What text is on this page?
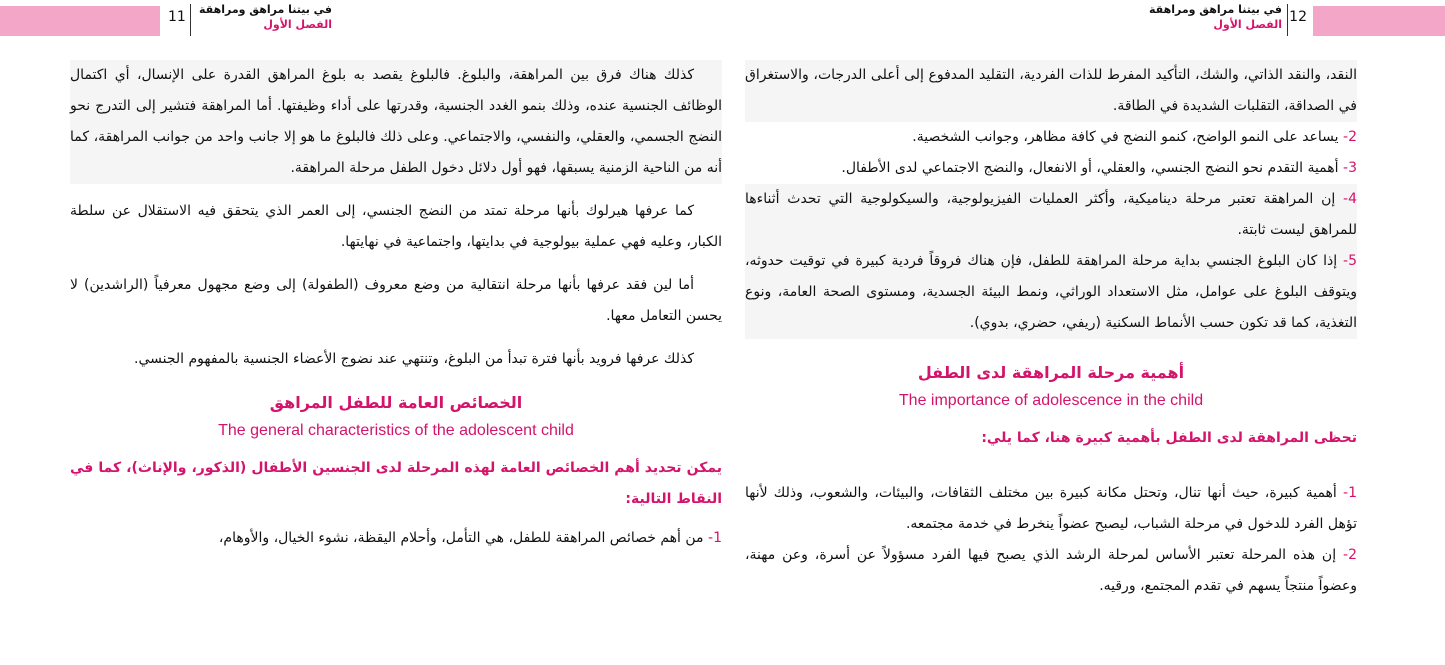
11 في بيتنا مراهق ومراهقة
الفصل الأول	12
في بيتنا مراهق ومراهقة
الفصل الأول

كذلك هناك فرق بين المراهقة، والبلوغ. فالبلوغ يقصد به بلوغ المراهق القدرة على الإنسال، أي اكتمال الوظائف الجنسية عنده، وذلك بنمو الغدد الجنسية، وقدرتها على أداء وظيفتها. أما المراهقة فتشير إلى التدرج نحو النضج الجسمي، والعقلي، والنفسي، والاجتماعي. وعلى ذلك فالبلوغ ما هو إلا جانب واحد من جوانب المراهقة، كما أنه من الناحية الزمنية يسبقها، فهو أول دلائل دخول الطفل مرحلة المراهقة.

كما عرفها هيرلوك بأنها مرحلة تمتد من النضج الجنسي، إلى العمر الذي يتحقق فيه الاستقلال عن سلطة الكبار، وعليه فهي عملية بيولوجية في بدايتها، واجتماعية في نهايتها.

أما لين فقد عرفها بأنها مرحلة انتقالية من وضع معروف (الطفولة) إلى وضع مجهول معرفياً (الراشدين) لا يحسن التعامل معها.

كذلك عرفها فرويد بأنها فترة تبدأ من البلوغ، وتنتهي عند نضوج الأعضاء الجنسية بالمفهوم الجنسي.

الخصائص العامة للطفل المراهق
The general characteristics of the adolescent child

يمكن تحديد أهم الخصائص العامة لهذه المرحلة لدى الجنسين الأطفال (الذكور، والإناث)، كما في النقاط التالية:

1- من أهم خصائص المراهقة للطفل، هي التأمل، وأحلام اليقظة، نشوء الخيال، والأوهام،

النقد، والنقد الذاتي، والشك، التأكيد المفرط للذات الفردية، التقليد المدفوع إلى أعلى الدرجات، والاستغراق في الصداقة، التقلبات الشديدة في الطاقة.

2- يساعد على النمو الواضح، كنمو النضج في كافة مظاهر، وجوانب الشخصية.

3- أهمية التقدم نحو النضج الجنسي، والعقلي، أو الانفعال، والنضج الاجتماعي لدى الأطفال.

4- إن المراهقة تعتبر مرحلة ديناميكية، وأكثر العمليات الفيزيولوجية، والسيكولوجية التي تحدث أثناءها للمراهق ليست ثابتة.

5- إذا كان البلوغ الجنسي بداية مرحلة المراهقة للطفل، فإن هناك فروقاً فردية كبيرة في توقيت حدوثه، ويتوقف البلوغ على عوامل، مثل الاستعداد الوراثي، ونمط البيئة الجسدية، ومستوى الصحة العامة، ونوع التغذية، كما قد تكون حسب الأنماط السكنية (ريفي، حضري، بدوي).

أهمية مرحلة المراهقة لدى الطفل
The importance of adolescence in the child

تحظى المراهقة لدى الطفل بأهمية كبيرة هنا، كما يلي:

1- أهمية كبيرة، حيث أنها تنال، وتحتل مكانة كبيرة بين مختلف الثقافات، والبيئات، والشعوب، وذلك لأنها تؤهل الفرد للدخول في مرحلة الشباب، ليصبح عضواً ينخرط في خدمة مجتمعه.

2- إن هذه المرحلة تعتبر الأساس لمرحلة الرشد الذي يصبح فيها الفرد مسؤولاً عن أسرة، وعن مهنة، وعضواً منتجاً يسهم في تقدم المجتمع، ورقيه.
